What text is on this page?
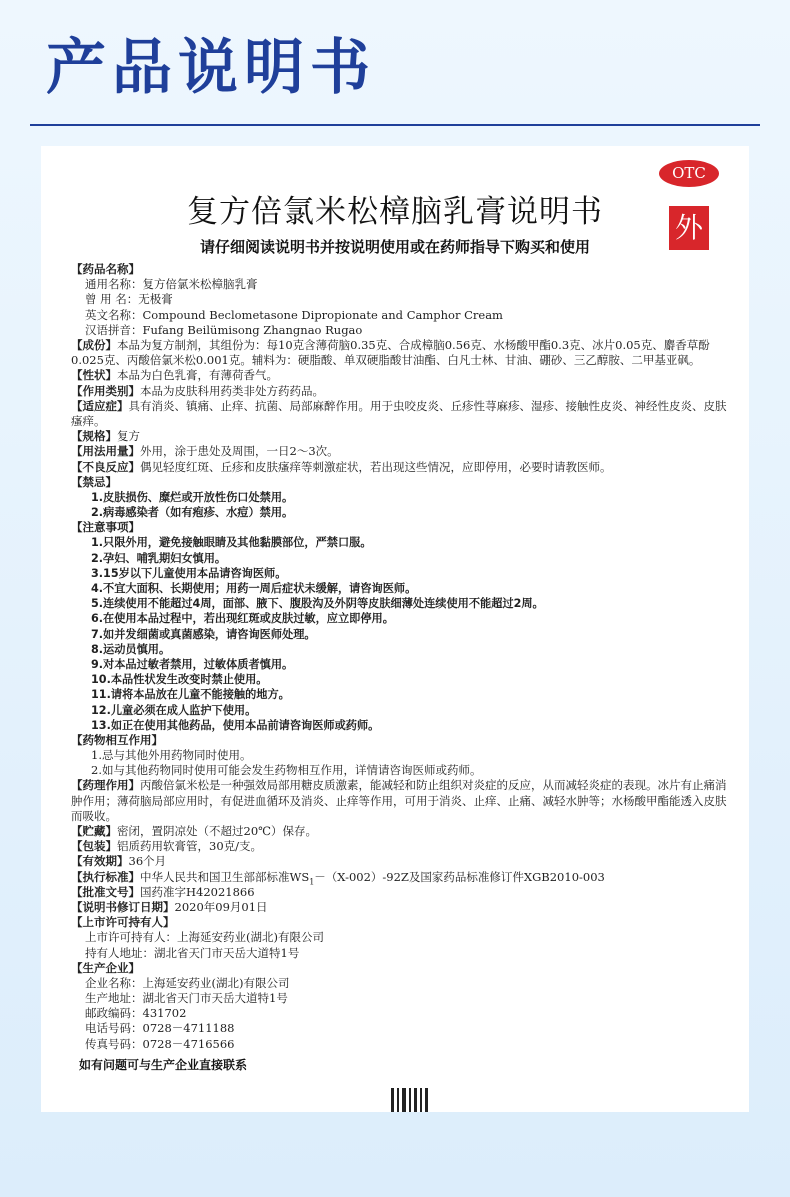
产品说明书
OTC
外
复方倍氯米松樟脑乳膏说明书
请仔细阅读说明书并按说明使用或在药师指导下购买和使用
【药品名称】
通用名称：复方倍氯米松樟脑乳膏
曾 用 名：无极膏
英文名称：Compound Beclometasone Dipropionate and Camphor Cream
汉语拼音：Fufang Beilümisong Zhangnao Rugao
【成份】本品为复方制剂，其组份为：每10克含薄荷脑0.35克、合成樟脑0.56克、水杨酸甲酯0.3克、冰片0.05克、麝香草酚0.025克、丙酸倍氯米松0.001克。辅料为：硬脂酸、单双硬脂酸甘油酯、白凡士林、甘油、硼砂、三乙醇胺、二甲基亚砜。
【性状】本品为白色乳膏，有薄荷香气。
【作用类别】本品为皮肤科用药类非处方药药品。
【适应症】具有消炎、镇痛、止痒、抗菌、局部麻醉作用。用于虫咬皮炎、丘疹性荨麻疹、湿疹、接触性皮炎、神经性皮炎、皮肤瘙痒。
【规格】复方
【用法用量】外用，涂于患处及周围，一日2～3次。
【不良反应】偶见轻度红斑、丘疹和皮肤瘙痒等刺激症状，若出现这些情况，应即停用，必要时请教医师。
【禁忌】
1.皮肤损伤、糜烂或开放性伤口处禁用。
2.病毒感染者（如有疱疹、水痘）禁用。
【注意事项】
1.只限外用，避免接触眼睛及其他黏膜部位，严禁口服。
2.孕妇、哺乳期妇女慎用。
3.15岁以下儿童使用本品请咨询医师。
4.不宜大面积、长期使用；用药一周后症状未缓解，请咨询医师。
5.连续使用不能超过4周，面部、腋下、腹股沟及外阴等皮肤细薄处连续使用不能超过2周。
6.在使用本品过程中，若出现红斑或皮肤过敏，应立即停用。
7.如并发细菌或真菌感染，请咨询医师处理。
8.运动员慎用。
9.对本品过敏者禁用，过敏体质者慎用。
10.本品性状发生改变时禁止使用。
11.请将本品放在儿童不能接触的地方。
12.儿童必须在成人监护下使用。
13.如正在使用其他药品，使用本品前请咨询医师或药师。
【药物相互作用】
1.忌与其他外用药物同时使用。
2.如与其他药物同时使用可能会发生药物相互作用，详情请咨询医师或药师。
【药理作用】丙酸倍氯米松是一种强效局部用糖皮质激素，能减轻和防止组织对炎症的反应，从而减轻炎症的表现。冰片有止痛消肿作用；薄荷脑局部应用时，有促进血循环及消炎、止痒等作用，可用于消炎、止痒、止痛、减轻水肿等；水杨酸甲酯能透入皮肤而吸收。
【贮藏】密闭，置阴凉处（不超过20℃）保存。
【包装】铝质药用软膏管，30克/支。
【有效期】36个月
【执行标准】中华人民共和国卫生部部标准$WS_1-(X-002)-92Z$及国家药品标准修订件XGB2010-003
【批准文号】国药准字H42021866
【说明书修订日期】2020年09月01日
【上市许可持有人】
上市许可持有人：上海延安药业(湖北)有限公司
持有人地址：湖北省天门市天岳大道特1号
【生产企业】
企业名称：上海延安药业(湖北)有限公司
生产地址：湖北省天门市天岳大道特1号
邮政编码：431702
电话号码：0728－4711188
传真号码：0728－4716566
如有问题可与生产企业直接联系
